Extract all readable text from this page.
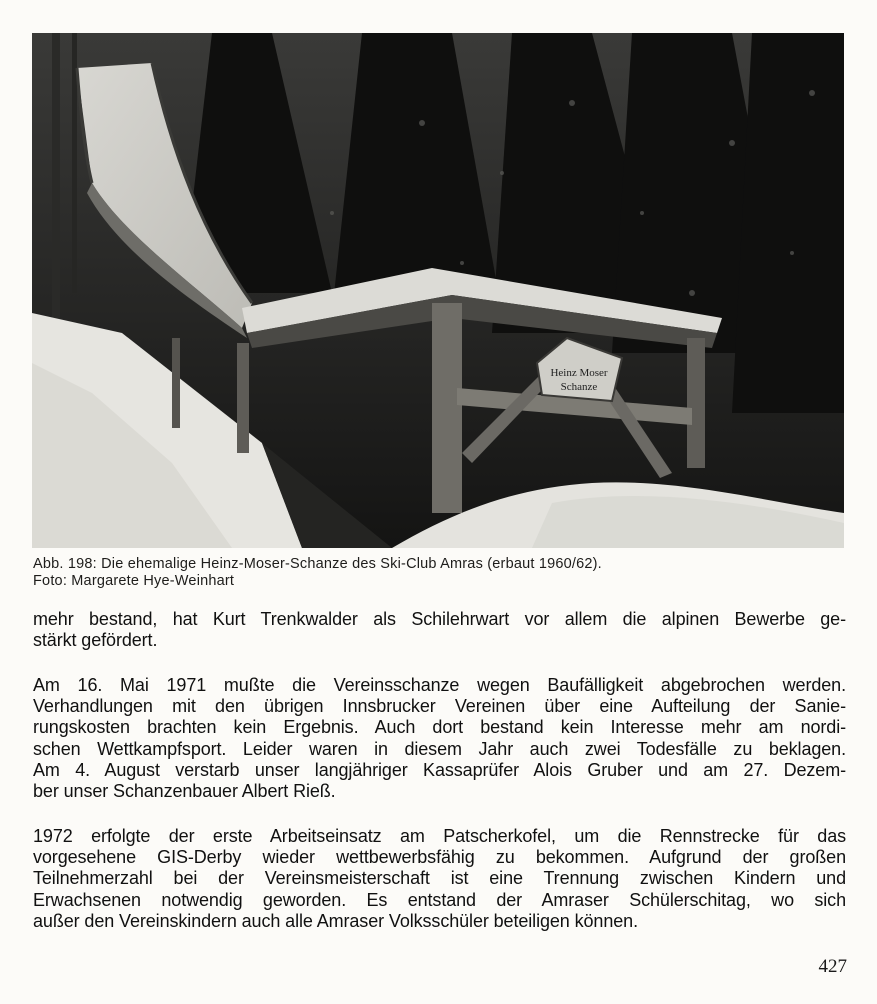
Heinz Moser
Schanze
Abb. 198: Die ehemalige Heinz-Moser-Schanze des Ski-Club Amras (erbaut 1960/62).
Foto: Margarete Hye-Weinhart
mehr bestand, hat Kurt Trenkwalder als Schilehrwart vor allem die alpinen Bewerbe ge-
stärkt gefördert.
Am 16. Mai 1971 mußte die Vereinsschanze wegen Baufälligkeit abgebrochen werden.
Verhandlungen mit den übrigen Innsbrucker Vereinen über eine Aufteilung der Sanie-
rungskosten brachten kein Ergebnis. Auch dort bestand kein Interesse mehr am nordi-
schen Wettkampfsport. Leider waren in diesem Jahr auch zwei Todesfälle zu beklagen.
Am 4. August verstarb unser langjähriger Kassaprüfer Alois Gruber und am 27. Dezem-
ber unser Schanzenbauer Albert Rieß.
1972 erfolgte der erste Arbeitseinsatz am Patscherkofel, um die Rennstrecke für das
vorgesehene GIS-Derby wieder wettbewerbsfähig zu bekommen. Aufgrund der großen
Teilnehmerzahl bei der Vereinsmeisterschaft ist eine Trennung zwischen Kindern und
Erwachsenen notwendig geworden. Es entstand der Amraser Schülerschitag, wo sich
außer den Vereinskindern auch alle Amraser Volksschüler beteiligen können.
427
